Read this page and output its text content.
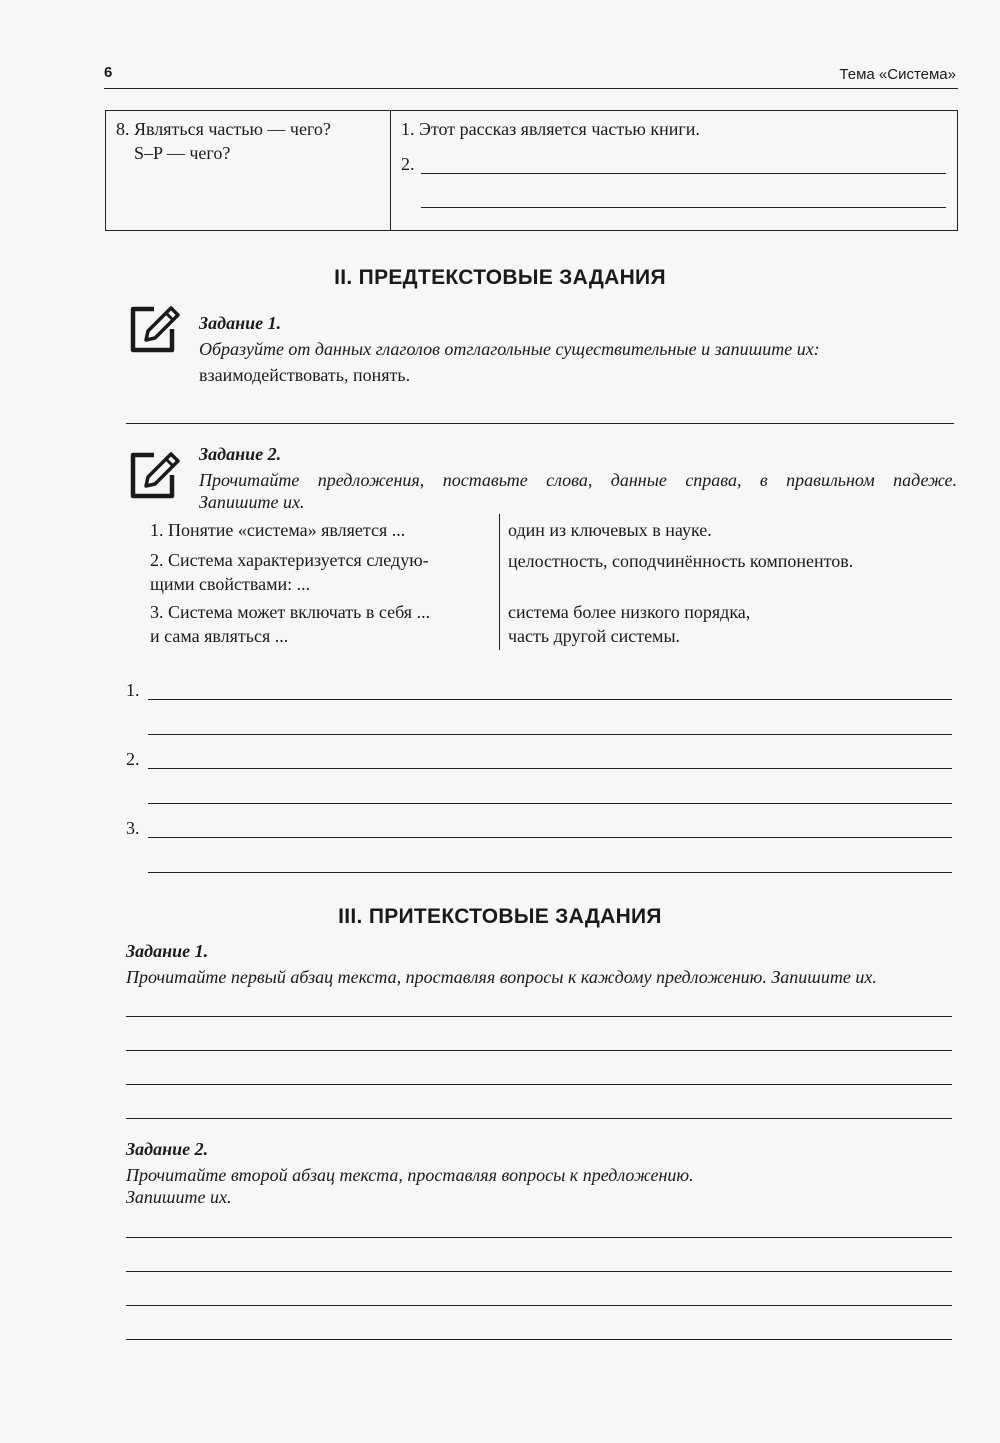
6	Тема «Система»
8. Являться частью — чего?
S–P — чего?
1. Этот рассказ является частью книги.
2.
II. ПРЕДТЕКСТОВЫЕ ЗАДАНИЯ
Задание 1.
Образуйте от данных глаголов отглагольные существительные и запишите их:
взаимодействовать, понять.
Задание 2.
Прочитайте предложения, поставьте слова, данные справа, в правильном падеже.
Запишите их.
1. Понятие «система» является ...
2. Система характеризуется следую-
щими свойствами: ...
3. Система может включать в себя ...
и сама являться ...
один из ключевых в науке.
целостность, соподчинённость компонентов.
система более низкого порядка,
часть другой системы.
1.
2.
3.
III. ПРИТЕКСТОВЫЕ ЗАДАНИЯ
Задание 1.
Прочитайте первый абзац текста, проставляя вопросы к каждому предложению. Запишите их.
Задание 2.
Прочитайте второй абзац текста, проставляя вопросы к предложению.
Запишите их.
